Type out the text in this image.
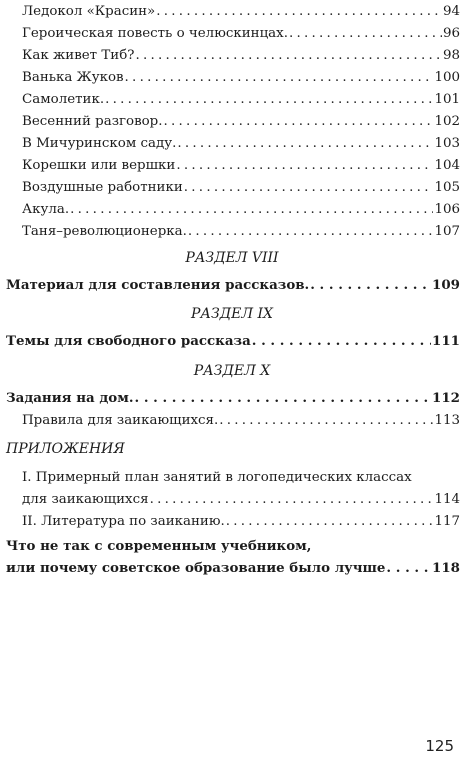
Ледокол «Красин» . . .	94
Героическая повесть о челюскинцах. . . .	96
Как живет Тиб? . . .	98
Ванька Жуков . . .	100
Самолетик. . . .	101
Весенний разговор. . . .	102
В Мичуринском саду. . . .	103
Корешки или вершки . . .	104
Воздушные работники . . .	105
Акула. . . .	106
Таня–революционерка. . . .	107
РАЗДЕЛ VIII
Материал для составления рассказов. . . .	109
РАЗДЕЛ IX
Темы для свободного рассказа . . .	111
РАЗДЕЛ X
Задания на дом. . . .	112
Правила для заикающихся. . . .	113
ПРИЛОЖЕНИЯ
I. Примерный план занятий в логопедических классах
для заикающихся . . .	114
II. Литература по заиканию. . . .	117
Что не так с современным учебником,
или почему советское образование было лучше . . .	118
125
